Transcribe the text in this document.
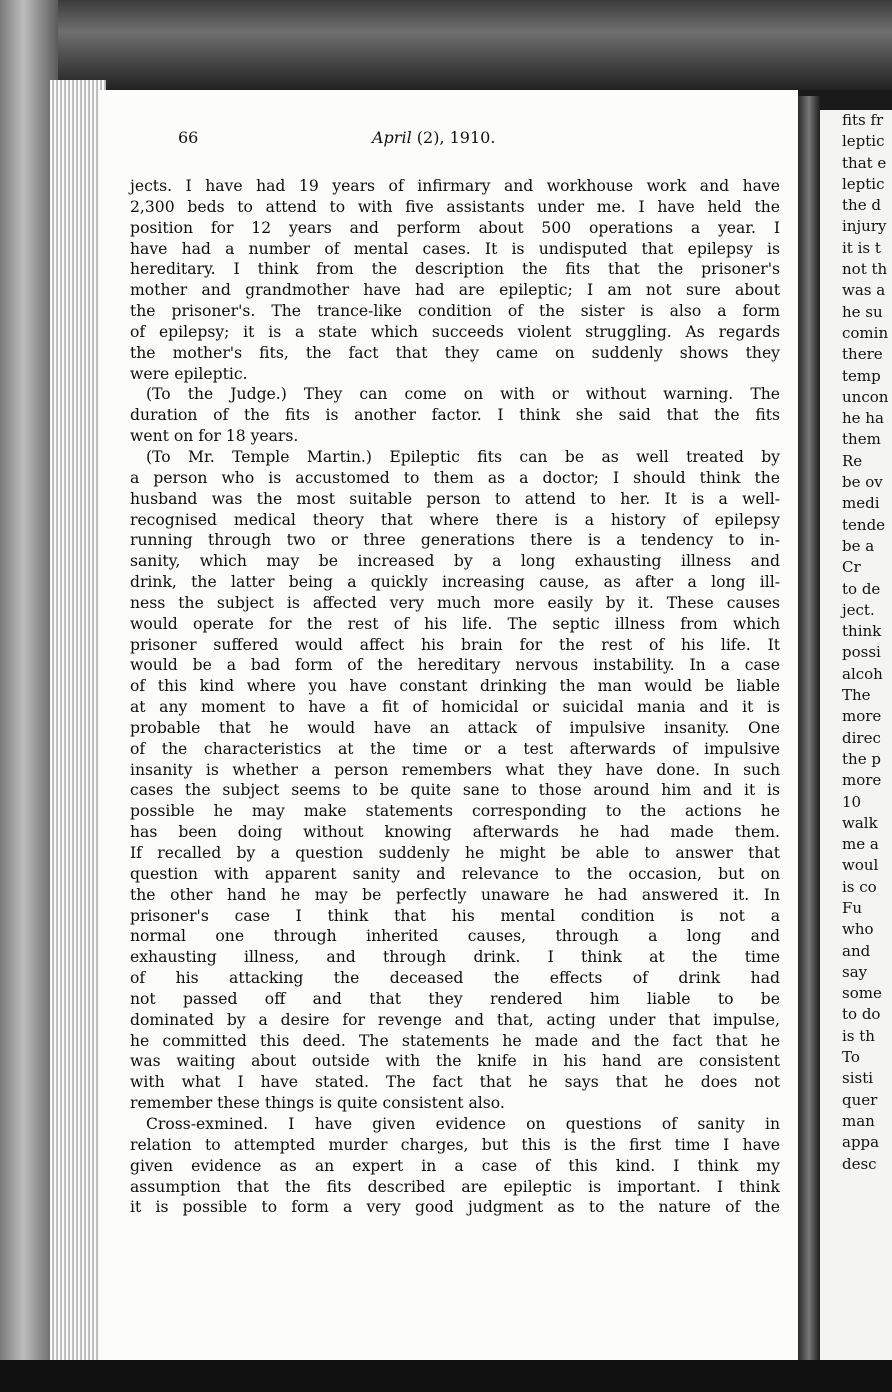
66	April (2), 1910.
jects. I have had 19 years of infirmary and workhouse work and have
2,300 beds to attend to with five assistants under me. I have held the
position for 12 years and perform about 500 operations a year. I
have had a number of mental cases. It is undisputed that epilepsy is
hereditary. I think from the description the fits that the prisoner's
mother and grandmother have had are epileptic; I am not sure about
the prisoner's. The trance-like condition of the sister is also a form
of epilepsy; it is a state which succeeds violent struggling. As regards
the mother's fits, the fact that they came on suddenly shows they
were epileptic.
(To the Judge.) They can come on with or without warning. The
duration of the fits is another factor. I think she said that the fits
went on for 18 years.
(To Mr. Temple Martin.) Epileptic fits can be as well treated by
a person who is accustomed to them as a doctor; I should think the
husband was the most suitable person to attend to her. It is a well-
recognised medical theory that where there is a history of epilepsy
running through two or three generations there is a tendency to in-
sanity, which may be increased by a long exhausting illness and
drink, the latter being a quickly increasing cause, as after a long ill-
ness the subject is affected very much more easily by it. These causes
would operate for the rest of his life. The septic illness from which
prisoner suffered would affect his brain for the rest of his life. It
would be a bad form of the hereditary nervous instability. In a case
of this kind where you have constant drinking the man would be liable
at any moment to have a fit of homicidal or suicidal mania and it is
probable that he would have an attack of impulsive insanity. One
of the characteristics at the time or a test afterwards of impulsive
insanity is whether a person remembers what they have done. In such
cases the subject seems to be quite sane to those around him and it is
possible he may make statements corresponding to the actions he
has been doing without knowing afterwards he had made them.
If recalled by a question suddenly he might be able to answer that
question with apparent sanity and relevance to the occasion, but on
the other hand he may be perfectly unaware he had answered it. In
prisoner's case I think that his mental condition is not a
normal one through inherited causes, through a long and
exhausting illness, and through drink. I think at the time
of his attacking the deceased the effects of drink had
not passed off and that they rendered him liable to be
dominated by a desire for revenge and that, acting under that impulse,
he committed this deed. The statements he made and the fact that he
was waiting about outside with the knife in his hand are consistent
with what I have stated. The fact that he says that he does not
remember these things is quite consistent also.
Cross-exmined. I have given evidence on questions of sanity in
relation to attempted murder charges, but this is the first time I have
given evidence as an expert in a case of this kind. I think my
assumption that the fits described are epileptic is important. I think
it is possible to form a very good judgment as to the nature of the
fits fr
leptic
that e
leptic
the d
injury
it is t
not th
was a
he su
comin
there
temp
uncon
he ha
them
Re
be ov
medi
tende
be a
Cr
to de
ject.
think
possi
alcoh
The
more
direc
the p
more
10
walk
me a
woul
is co
Fu
who
and
say
some
to do
is th
To
sisti
quer
man
appa
desc
